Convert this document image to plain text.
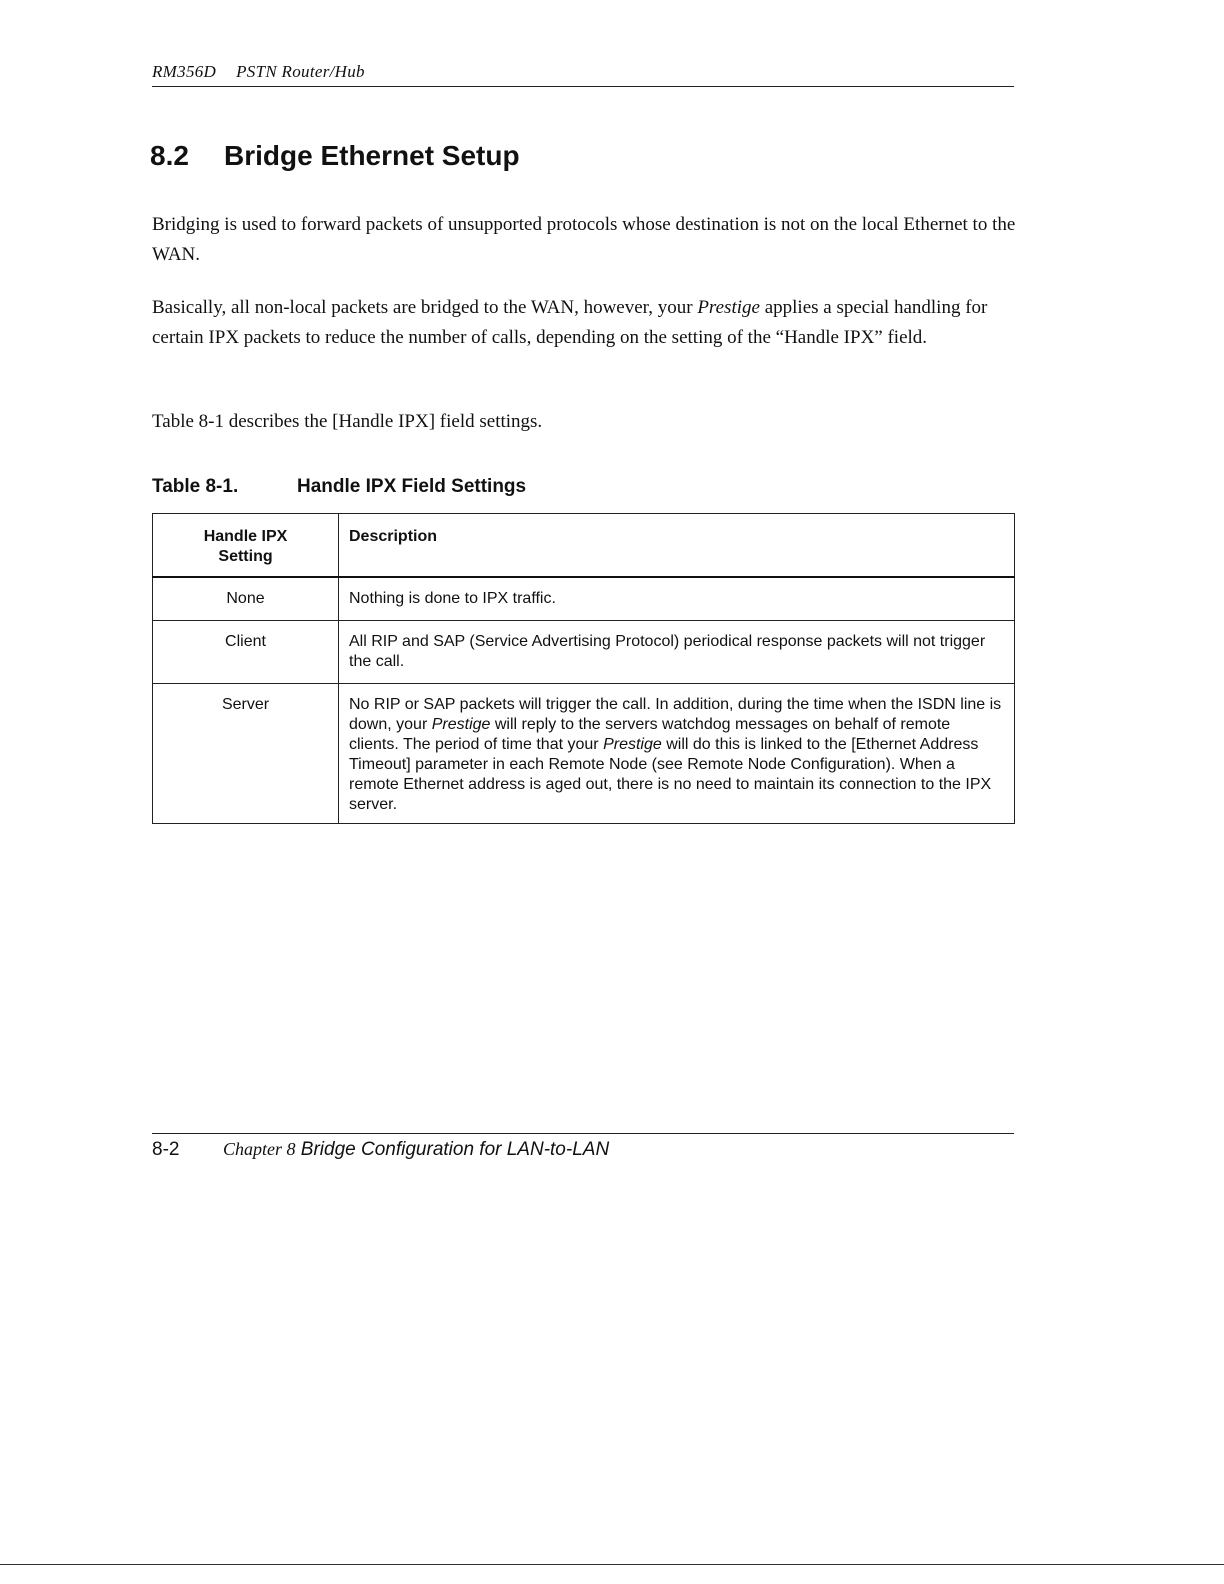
RM356D PSTN Router/Hub
8.2 Bridge Ethernet Setup

Bridging is used to forward packets of unsupported protocols whose destination is not on the local Ethernet to the WAN.

Basically, all non-local packets are bridged to the WAN, however, your Prestige applies a special handling for certain IPX packets to reduce the number of calls, depending on the setting of the “Handle IPX” field.

Table 8-1 describes the [Handle IPX] field settings.

Table 8-1.	Handle IPX Field Settings
Handle IPX
Setting	Description
None	Nothing is done to IPX traffic.
Client	All RIP and SAP (Service Advertising Protocol) periodical response packets will not trigger the call.
Server	No RIP or SAP packets will trigger the call. In addition, during the time when the ISDN line is down, your Prestige will reply to the servers watchdog messages on behalf of remote clients. The period of time that your Prestige will do this is linked to the [Ethernet Address Timeout] parameter in each Remote Node (see Remote Node Configuration). When a remote Ethernet address is aged out, there is no need to maintain its connection to the IPX server.
8-2 Chapter 8 Bridge Configuration for LAN-to-LAN
